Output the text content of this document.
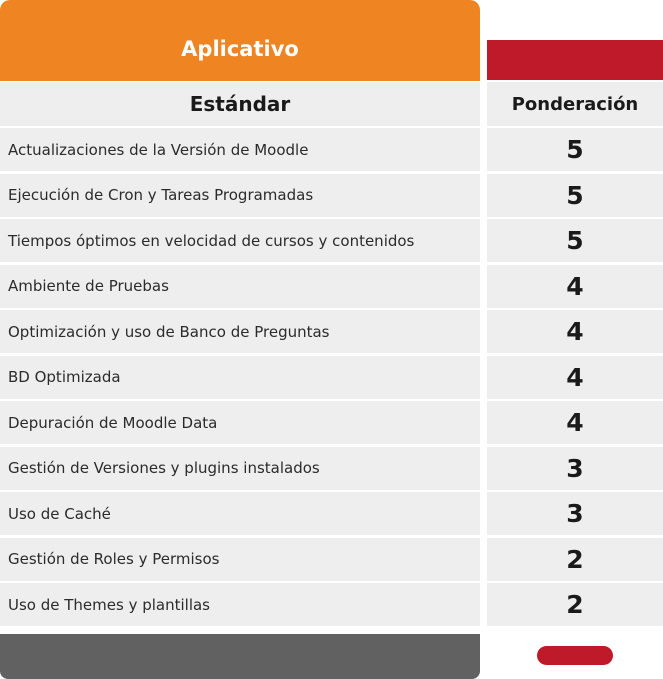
Aplicativo
Estándar	Ponderación
Actualizaciones de la Versión de Moodle	5
Ejecución de Cron y Tareas Programadas	5
Tiempos óptimos en velocidad de cursos y contenidos	5
Ambiente de Pruebas	4
Optimización y uso de Banco de Preguntas	4
BD Optimizada	4
Depuración de Moodle Data	4
Gestión de Versiones y plugins instalados	3
Uso de Caché	3
Gestión de Roles y Permisos	2
Uso de Themes y plantillas	2
